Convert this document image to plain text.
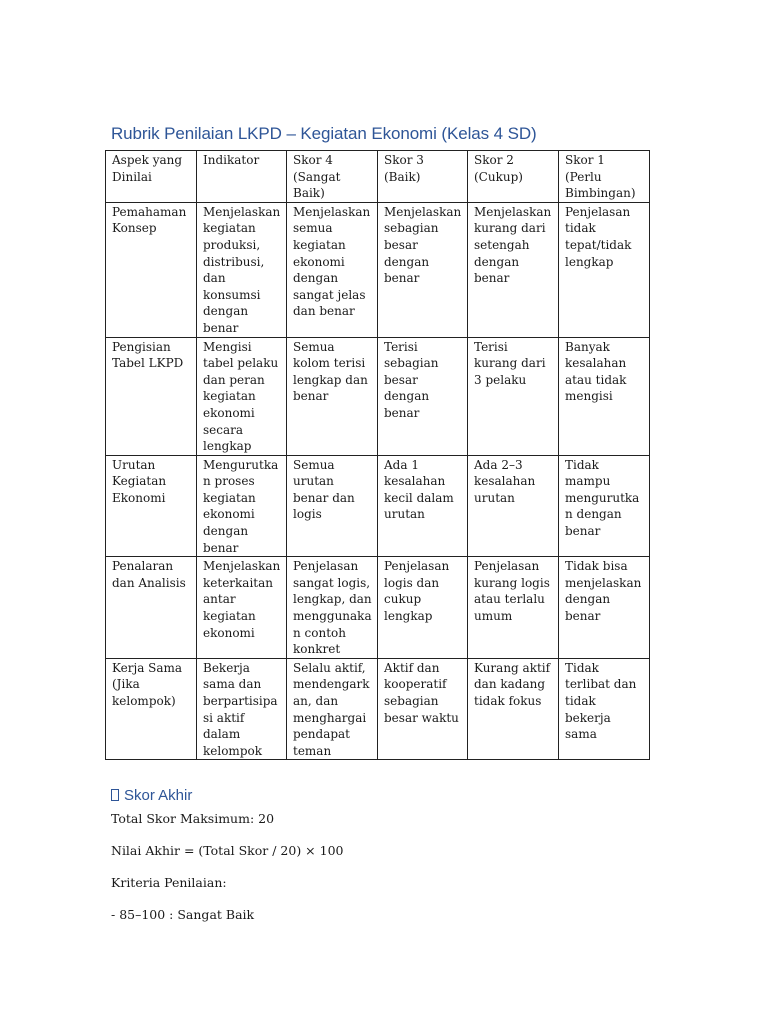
Rubrik Penilaian LKPD – Kegiatan Ekonomi (Kelas 4 SD)
Aspek yang Dinilai	Indikator	Skor 4 (Sangat Baik)	Skor 3 (Baik)	Skor 2 (Cukup)	Skor 1 (Perlu Bimbingan)
Pemahaman Konsep	Menjelaskan kegiatan produksi, distribusi, dan konsumsi dengan benar	Menjelaskan semua kegiatan ekonomi dengan sangat jelas dan benar	Menjelaskan sebagian besar dengan benar	Menjelaskan kurang dari setengah dengan benar	Penjelasan tidak tepat/tidak lengkap
Pengisian Tabel LKPD	Mengisi tabel pelaku dan peran kegiatan ekonomi secara lengkap	Semua kolom terisi lengkap dan benar	Terisi sebagian besar dengan benar	Terisi kurang dari 3 pelaku	Banyak kesalahan atau tidak mengisi
Urutan Kegiatan Ekonomi	Mengurutkan proses kegiatan ekonomi dengan benar	Semua urutan benar dan logis	Ada 1 kesalahan kecil dalam urutan	Ada 2–3 kesalahan urutan	Tidak mampu mengurutkan dengan benar
Penalaran dan Analisis	Menjelaskan keterkaitan antar kegiatan ekonomi	Penjelasan sangat logis, lengkap, dan menggunakan contoh konkret	Penjelasan logis dan cukup lengkap	Penjelasan kurang logis atau terlalu umum	Tidak bisa menjelaskan dengan benar
Kerja Sama (Jika kelompok)	Bekerja sama dan berpartisipasi aktif dalam kelompok	Selalu aktif, mendengarkan, dan menghargai pendapat teman	Aktif dan kooperatif sebagian besar waktu	Kurang aktif dan kadang tidak fokus	Tidak terlibat dan tidak bekerja sama
Skor Akhir
Total Skor Maksimum: 20
Nilai Akhir = (Total Skor / 20) × 100
Kriteria Penilaian:
- 85–100 : Sangat Baik
